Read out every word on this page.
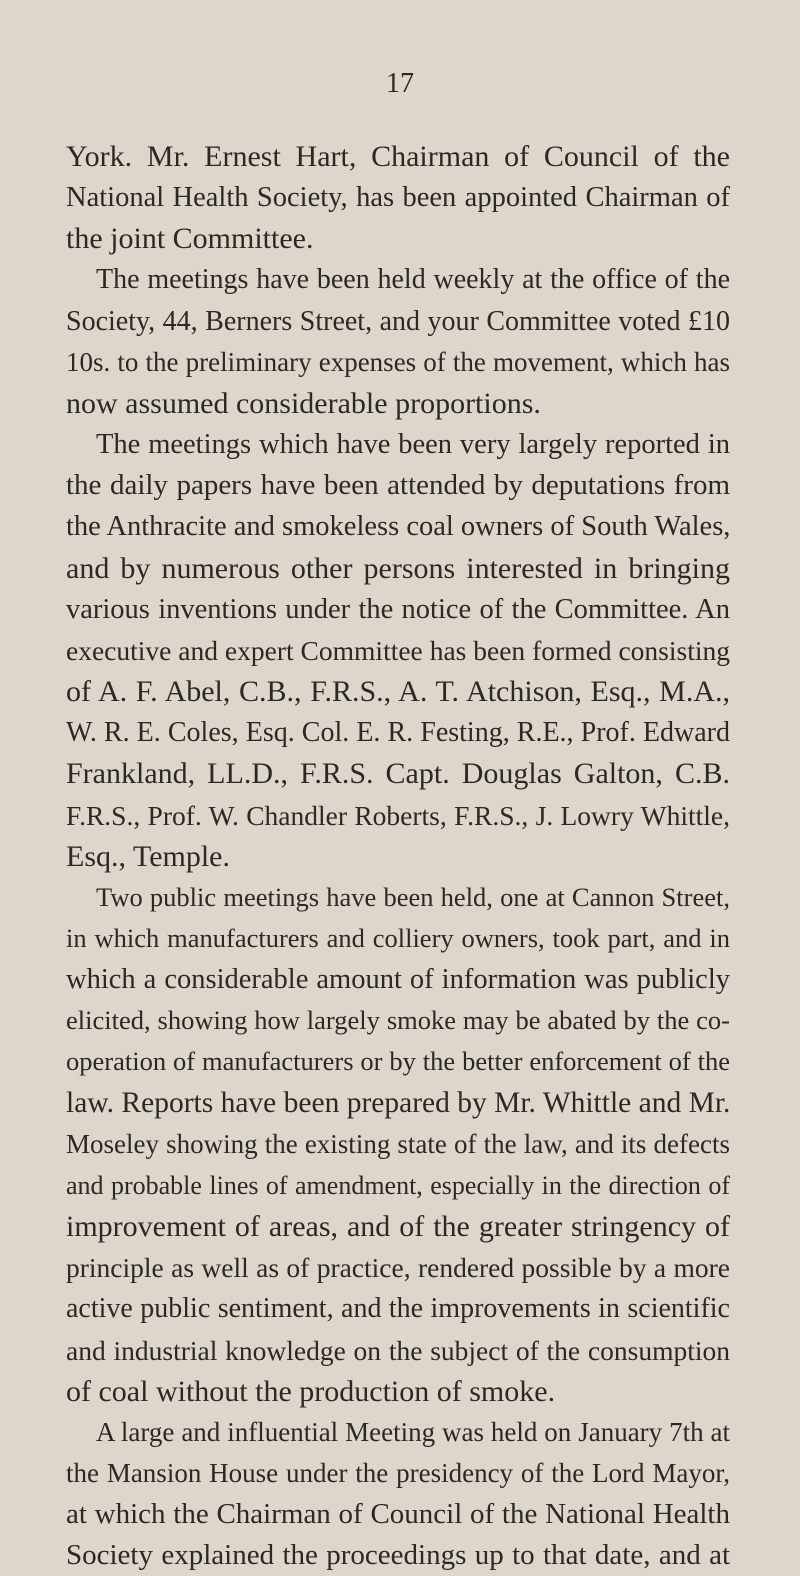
17
York. Mr. Ernest Hart, Chairman of Council of the
National Health Society, has been appointed Chairman of
the joint Committee.
The meetings have been held weekly at the office of the
Society, 44, Berners Street, and your Committee voted £10
10s. to the preliminary expenses of the movement, which has
now assumed considerable proportions.
The meetings which have been very largely reported in
the daily papers have been attended by deputations from
the Anthracite and smokeless coal owners of South Wales,
and by numerous other persons interested in bringing
various inventions under the notice of the Committee. An
executive and expert Committee has been formed consisting
of A. F. Abel, C.B., F.R.S., A. T. Atchison, Esq., M.A.,
W. R. E. Coles, Esq. Col. E. R. Festing, R.E., Prof. Edward
Frankland, LL.D., F.R.S. Capt. Douglas Galton, C.B.
F.R.S., Prof. W. Chandler Roberts, F.R.S., J. Lowry Whittle,
Esq., Temple.
Two public meetings have been held, one at Cannon Street,
in which manufacturers and colliery owners, took part, and in
which a considerable amount of information was publicly
elicited, showing how largely smoke may be abated by the co-
operation of manufacturers or by the better enforcement of the
law. Reports have been prepared by Mr. Whittle and Mr.
Moseley showing the existing state of the law, and its defects
and probable lines of amendment, especially in the direction of
improvement of areas, and of the greater stringency of
principle as well as of practice, rendered possible by a more
active public sentiment, and the improvements in scientific
and industrial knowledge on the subject of the consumption
of coal without the production of smoke.
A large and influential Meeting was held on January 7th at
the Mansion House under the presidency of the Lord Mayor,
at which the Chairman of Council of the National Health
Society explained the proceedings up to that date, and at
